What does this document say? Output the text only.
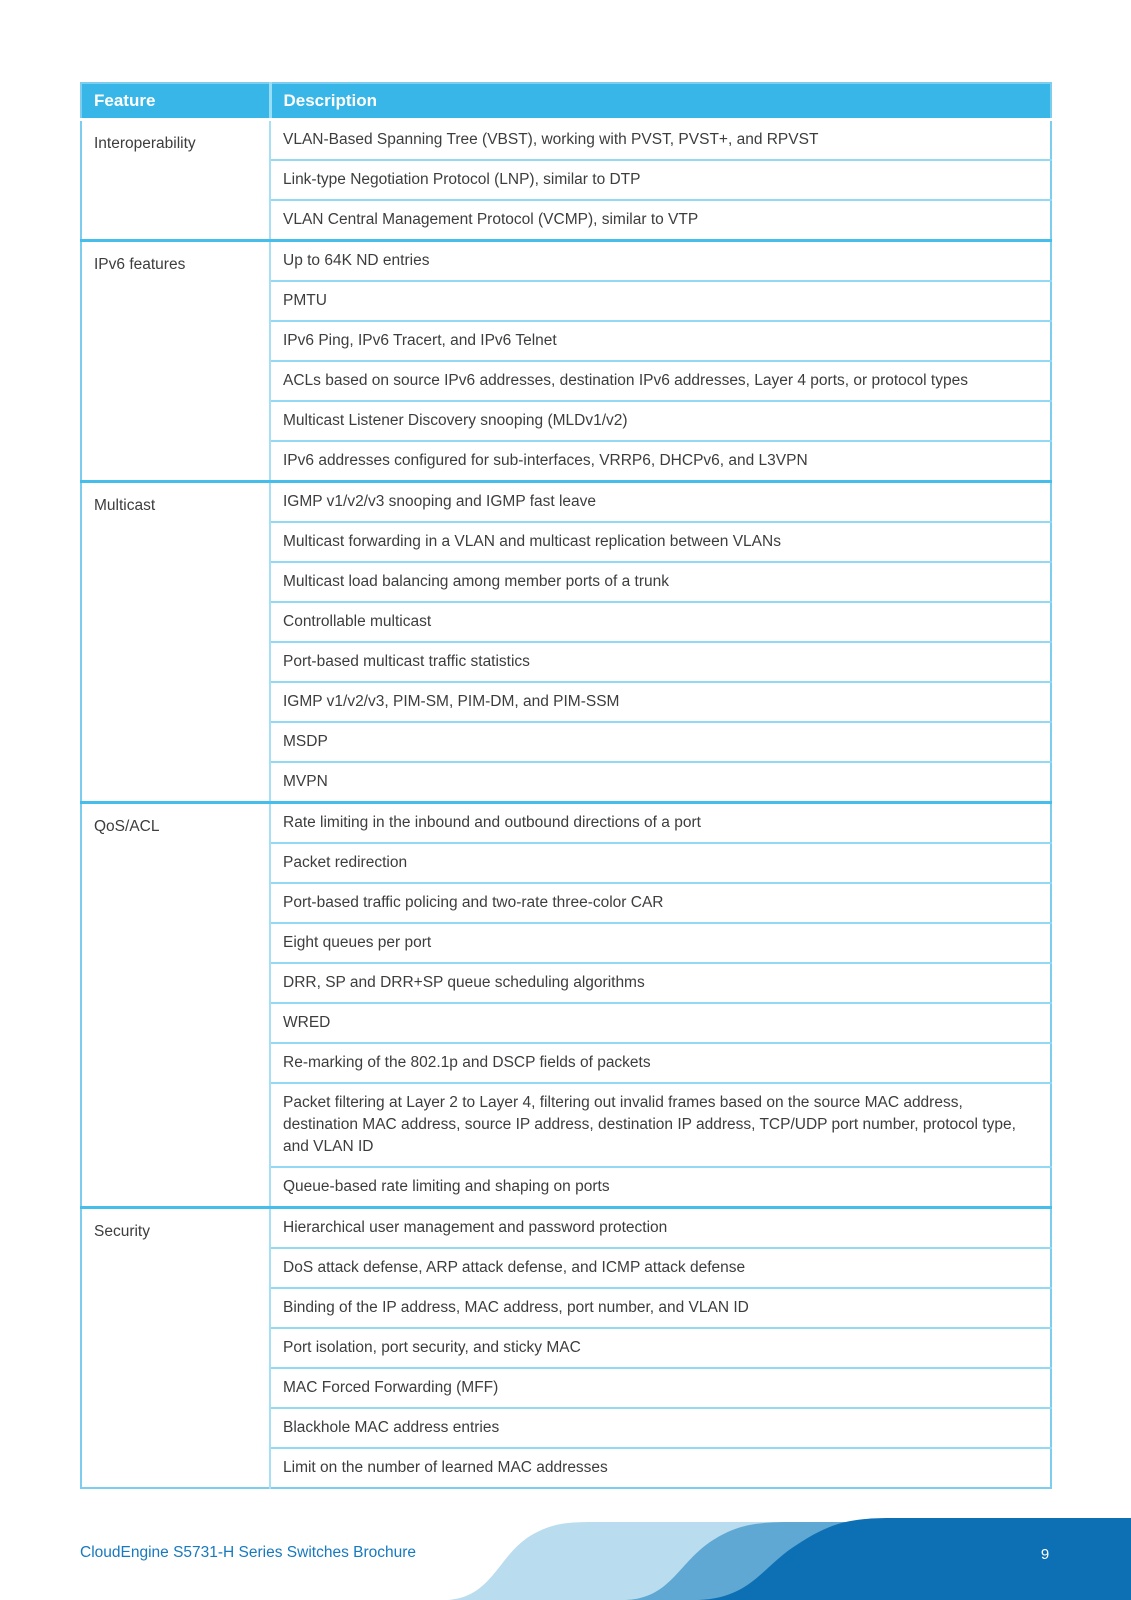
Feature	Description
Interoperability	VLAN-Based Spanning Tree (VBST), working with PVST, PVST+, and RPVST
	Link-type Negotiation Protocol (LNP), similar to DTP
	VLAN Central Management Protocol (VCMP), similar to VTP
IPv6 features	Up to 64K ND entries
	PMTU
	IPv6 Ping, IPv6 Tracert, and IPv6 Telnet
	ACLs based on source IPv6 addresses, destination IPv6 addresses, Layer 4 ports, or protocol types
	Multicast Listener Discovery snooping (MLDv1/v2)
	IPv6 addresses configured for sub-interfaces, VRRP6, DHCPv6, and L3VPN
Multicast	IGMP v1/v2/v3 snooping and IGMP fast leave
	Multicast forwarding in a VLAN and multicast replication between VLANs
	Multicast load balancing among member ports of a trunk
	Controllable multicast
	Port-based multicast traffic statistics
	IGMP v1/v2/v3, PIM-SM, PIM-DM, and PIM-SSM
	MSDP
	MVPN
QoS/ACL	Rate limiting in the inbound and outbound directions of a port
	Packet redirection
	Port-based traffic policing and two-rate three-color CAR
	Eight queues per port
	DRR, SP and DRR+SP queue scheduling algorithms
	WRED
	Re-marking of the 802.1p and DSCP fields of packets
	Packet filtering at Layer 2 to Layer 4, filtering out invalid frames based on the source MAC address, destination MAC address, source IP address, destination IP address, TCP/UDP port number, protocol type, and VLAN ID
	Queue-based rate limiting and shaping on ports
Security	Hierarchical user management and password protection
	DoS attack defense, ARP attack defense, and ICMP attack defense
	Binding of the IP address, MAC address, port number, and VLAN ID
	Port isolation, port security, and sticky MAC
	MAC Forced Forwarding (MFF)
	Blackhole MAC address entries
	Limit on the number of learned MAC addresses
CloudEngine S5731-H Series Switches Brochure	9
